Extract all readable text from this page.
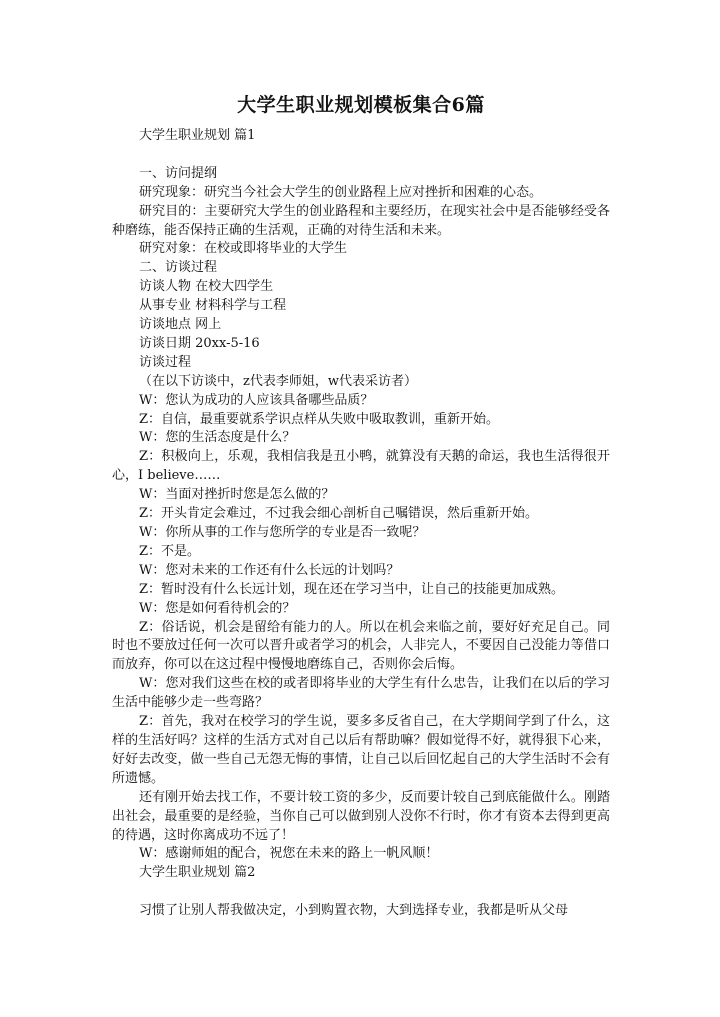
大学生职业规划模板集合6篇

大学生职业规划 篇1

一、访问提纲

研究现象：研究当今社会大学生的创业路程上应对挫折和困难的心态。

研究目的：主要研究大学生的创业路程和主要经历，在现实社会中是否能够经受各种磨练，能否保持正确的生活观，正确的对待生活和未来。

研究对象：在校或即将毕业的大学生

二、访谈过程

访谈人物 在校大四学生

从事专业 材料科学与工程

访谈地点 网上

访谈日期 20xx-5-16

访谈过程

（在以下访谈中，z代表李师姐，w代表采访者）

W：您认为成功的人应该具备哪些品质？

Z：自信，最重要就系学识点样从失败中吸取教训，重新开始。

W：您的生活态度是什么？

Z：积极向上，乐观，我相信我是丑小鸭，就算没有天鹅的命运，我也生活得很开心，I believe……

W：当面对挫折时您是怎么做的？

Z：开头肯定会难过，不过我会细心剖析自己嘱错误，然后重新开始。

W：你所从事的工作与您所学的专业是否一致呢？

Z：不是。

W：您对未来的工作还有什么长远的计划吗？

Z：暂时没有什么长远计划，现在还在学习当中，让自己的技能更加成熟。

W：您是如何看待机会的？

Z：俗话说，机会是留给有能力的人。所以在机会来临之前，要好好充足自己。同时也不要放过任何一次可以晋升或者学习的机会，人非完人，不要因自己没能力等借口而放弃，你可以在这过程中慢慢地磨练自己，否则你会后悔。

W：您对我们这些在校的或者即将毕业的大学生有什么忠告，让我们在以后的学习生活中能够少走一些弯路？

Z：首先，我对在校学习的学生说，要多多反省自己，在大学期间学到了什么，这样的生活好吗？这样的生活方式对自己以后有帮助嘛？假如觉得不好，就得狠下心来，好好去改变，做一些自己无怨无悔的事情，让自己以后回忆起自己的大学生活时不会有所遗憾。

还有刚开始去找工作，不要计较工资的多少，反而要计较自己到底能做什么。刚踏出社会，最重要的是经验，当你自己可以做到别人没你不行时，你才有资本去得到更高的待遇，这时你离成功不远了！

W：感谢师姐的配合，祝您在未来的路上一帆风顺！

大学生职业规划 篇2

习惯了让别人帮我做决定，小到购置衣物，大到选择专业，我都是听从父母
